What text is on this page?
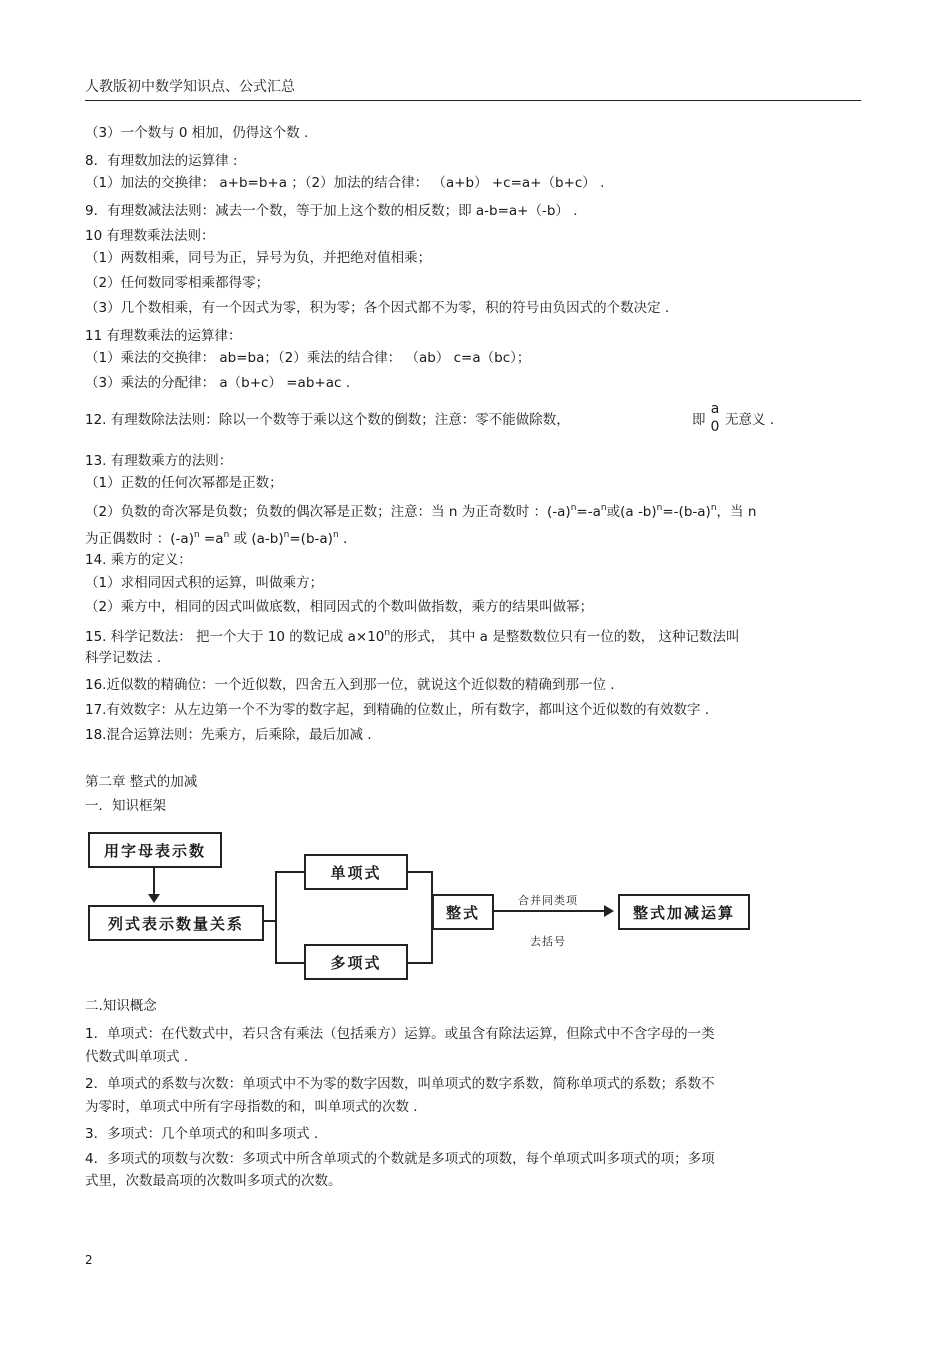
人教版初中数学知识点、公式汇总
（3）一个数与 0 相加，仍得这个数 .
8．有理数加法的运算律 :
（1）加法的交换律： a+b=b+a ；（2）加法的结合律： （a+b） +c=a+（b+c） .
9．有理数减法法则：减去一个数，等于加上这个数的相反数；即 a-b=a+（-b） .
10 有理数乘法法则：
（1）两数相乘，同号为正，异号为负，并把绝对值相乘；
（2）任何数同零相乘都得零；
（3）几个数相乘，有一个因式为零，积为零；各个因式都不为零，积的符号由负因式的个数决定 .
11 有理数乘法的运算律：
（1）乘法的交换律： ab=ba；（2）乘法的结合律： （ab） c=a（bc）；
（3）乘法的分配律： a（b+c） =ab+ac .
12. 有理数除法法则：除以一个数等于乘以这个数的倒数；注意：零不能做除数，	即
a
0 无意义 .
13. 有理数乘方的法则：
（1）正数的任何次幂都是正数；
（2）负数的奇次幂是负数；负数的偶次幂是正数；注意：当 n 为正奇数时 ：$(-a)^n=-a^n$或(a $-b)^n=-(b-a)^n$，当 n
为正偶数时 ：$(-a)^n =a^n$ 或 $(a-b)^n=(b-a)^n$ .
14. 乘方的定义：
（1）求相同因式积的运算，叫做乘方；
（2）乘方中，相同的因式叫做底数，相同因式的个数叫做指数，乘方的结果叫做幂；
15. 科学记数法： 把一个大于 10 的数记成 $a\times 10^n$的形式， 其中 a 是整数数位只有一位的数， 这种记数法叫
科学记数法 .
16.近似数的精确位：一个近似数，四舍五入到那一位，就说这个近似数的精确到那一位 .
17.有效数字：从左边第一个不为零的数字起，到精确的位数止，所有数字，都叫这个近似数的有效数字 .
18.混合运算法则：先乘方，后乘除，最后加减 .
第二章 整式的加减
一．知识框架
用字母表示数
列式表示数量关系
单项式
多项式
整式
合并同类项
去括号
整式加减运算
二.知识概念
1．单项式：在代数式中，若只含有乘法（包括乘方）运算。或虽含有除法运算，但除式中不含字母的一类
代数式叫单项式 .
2．单项式的系数与次数：单项式中不为零的数字因数，叫单项式的数字系数，简称单项式的系数；系数不
为零时，单项式中所有字母指数的和，叫单项式的次数 .
3．多项式：几个单项式的和叫多项式 .
4．多项式的项数与次数：多项式中所含单项式的个数就是多项式的项数，每个单项式叫多项式的项；多项
式里，次数最高项的次数叫多项式的次数。
2
